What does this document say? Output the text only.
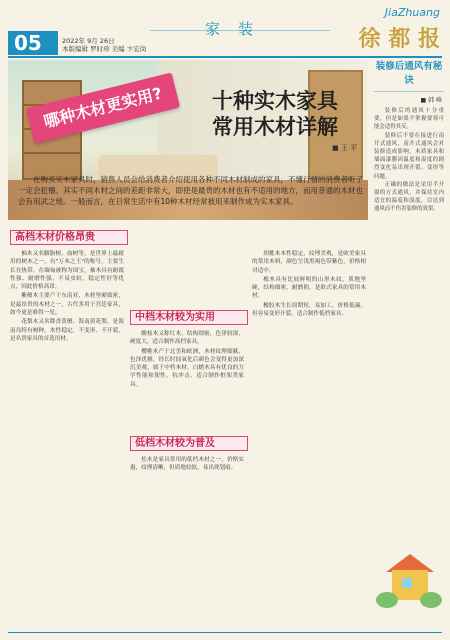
05	2022年 9月 26日
本版编辑 罗时珍 美编 卞宏岗
家装
JiaZhuang
徐 都 报
哪种木材更实用?	十种实木家具
常用木材详解
■ 王 平
在购买实木家具时，销售人员会给消费者介绍使用各种不同木材制成的家具，不懂行情的消费者听了一定会犯懵。其实不同木材之间的差距非常大，即使是最贵的木材也有不适用的地方，而用普通的木材也会有用武之地。一般而言，在日常生活中有10种木材经常被用来制作成为实木家具。
高档木材价格昂贵

柚木又名胭脂树、血树等，是世界上最耐用的树木之一，有"万木之王"的称号。主要生长在热带，在缅甸被称为国宝。柚木具有耐腐性强、耐磨性强，不易虫蛀，稳定性好等优点，因此价格高昂。

紫檀木主要产于东南亚，木材坚硬致密，是最昂贵的木材之一，古代多用于宫廷家具，如今更是难得一见。

花梨木又名降香黄檀、海南黄花梨，是海南岛特有树种，木性稳定，不变形、不开裂，是名贵家具的首选用材。

中档木材较为实用

酸枝木又称红木，结构细密，色泽较深，硬度大，适合制作高档家具。

樱桃木产于北美和欧洲，木材纹理细腻，色泽优雅，经长时间氧化后颜色会变得更加深沉美观，属于中档木材。白蜡木具有优良的力学性能和韧性，抗冲击，适合制作框架类家具。

低档木材较为普及

松木是家具常用的低档木材之一，价格实惠，纹理清晰，但质地较软，易出现划痕。

胡桃木木性稳定，纹理美观，是欧美家具的常用木料，颜色呈浅黑褐色带紫色，价格相对适中。

橡木具有比较鲜明的山形木纹，质地坚硬，结构细密，耐磨损，是欧式家具的常用木材。

橡胶木生长周期短，易加工，价格低廉，但容易变形开裂，适合制作低档家具。

装修后通风有秘诀
■ 韩 峰

装修后的通风十分重要，但是如果不掌握要领可能会适得其反。

装修后不要在接进行南开式通风，南开式通风会对装修造成影响，木质家具和墙面漆膜因温度和湿度的剧烈变化易出现开裂、变形等问题。

正确的做法是采用半开窗的方式通风，并保持室内适宜的温度和湿度，以达到通风而不伤害装修的效果。
